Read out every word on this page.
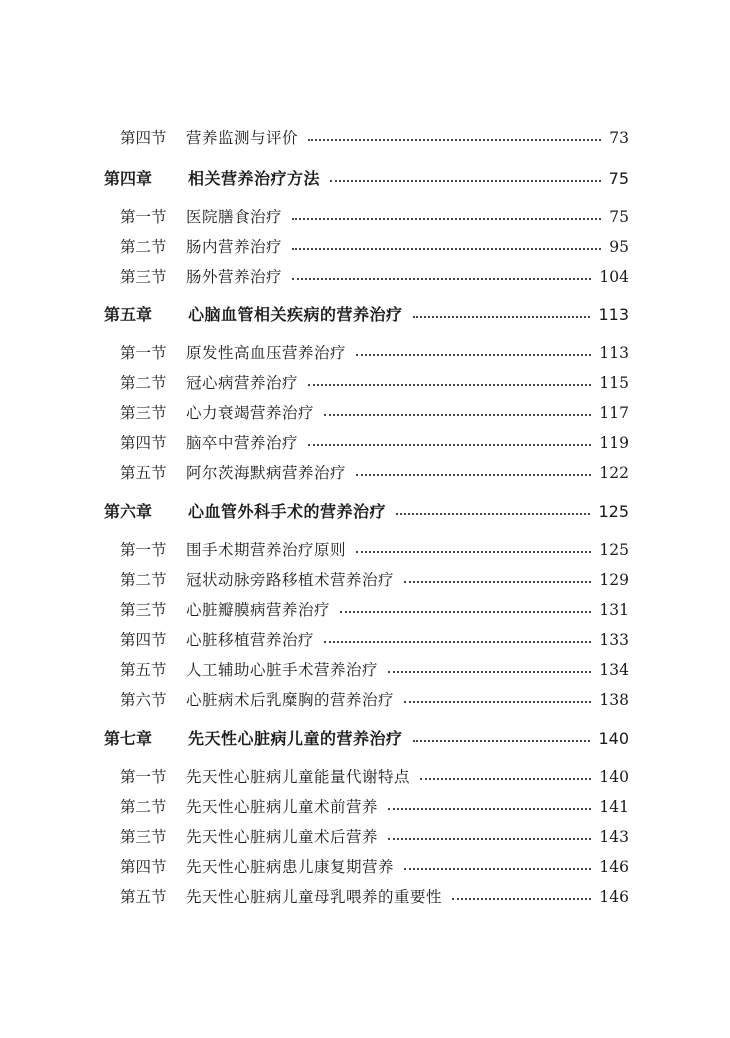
第四节	营养监测与评价	73
第四章	相关营养治疗方法	75
第一节	医院膳食治疗	75
第二节	肠内营养治疗	95
第三节	肠外营养治疗	104
第五章	心脑血管相关疾病的营养治疗	113
第一节	原发性高血压营养治疗	113
第二节	冠心病营养治疗	115
第三节	心力衰竭营养治疗	117
第四节	脑卒中营养治疗	119
第五节	阿尔茨海默病营养治疗	122
第六章	心血管外科手术的营养治疗	125
第一节	围手术期营养治疗原则	125
第二节	冠状动脉旁路移植术营养治疗	129
第三节	心脏瓣膜病营养治疗	131
第四节	心脏移植营养治疗	133
第五节	人工辅助心脏手术营养治疗	134
第六节	心脏病术后乳糜胸的营养治疗	138
第七章	先天性心脏病儿童的营养治疗	140
第一节	先天性心脏病儿童能量代谢特点	140
第二节	先天性心脏病儿童术前营养	141
第三节	先天性心脏病儿童术后营养	143
第四节	先天性心脏病患儿康复期营养	146
第五节	先天性心脏病儿童母乳喂养的重要性	146
